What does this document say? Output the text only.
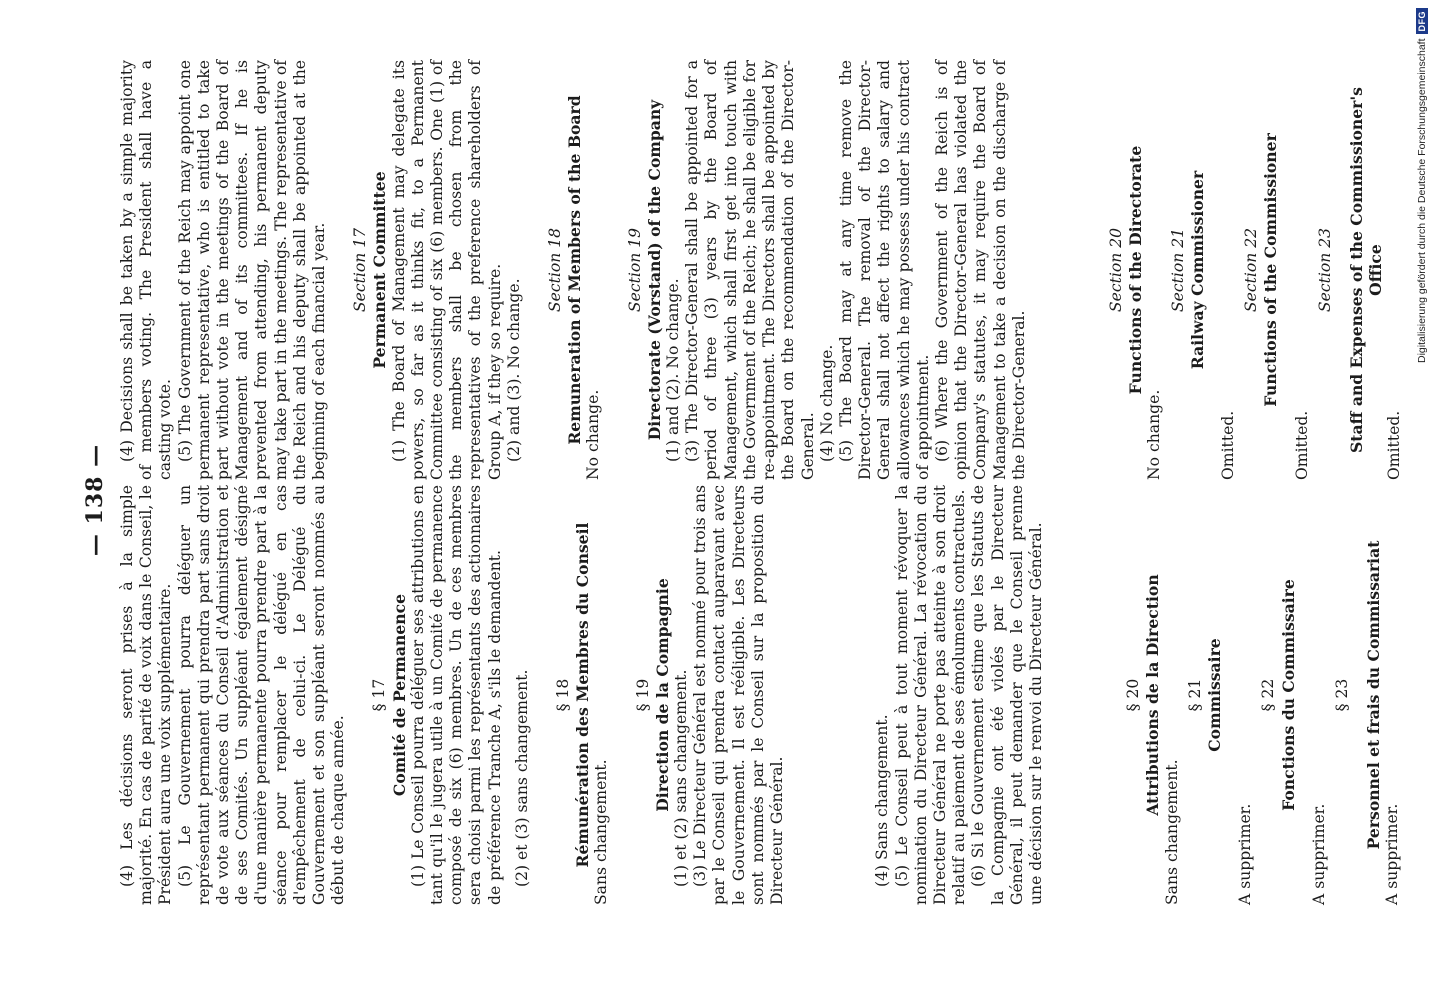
— 138 — (4) Les décisions seront prises à la simple majorité. En cas de parité de voix dans le Conseil, le Président aura une voix supplémentaire. (5) Le Gouvernement pourra déléguer un représentant permanent qui prendra part sans droit de vote aux séances du Conseil d'Administration et de ses Comités. Un suppléant également désigné d'une manière permanente pourra prendre part à la séance pour remplacer le délégué en cas d'empêchement de celui-ci. Le Délégué du Gouvernement et son suppléant seront nommés au début de chaque année.

§ 17 Comité de Permanence (1) Le Conseil pourra déléguer ses attributions en tant qu'il le jugera utile à un Comité de permanence composé de six (6) membres. Un de ces membres sera choisi parmi les représentants des actionnaires de préférence Tranche A, s'ils le demandent. (2) et (3) sans changement. § 18 Rémunération des Membres du Conseil Sans changement.

§ 19 Direction de la Compagnie (1) et (2) sans changement. (3) Le Directeur Général est nommé pour trois ans par le Conseil qui prendra contact auparavant avec le Gouvernement. Il est rééligible. Les Directeurs sont nommés par le Conseil sur la proposition du Directeur Général.	(4) Sans changement. (5) Le Conseil peut à tout moment révoquer la nomination du Directeur Général. La révocation du Directeur Général ne porte pas atteinte à son droit relatif au paiement de ses émoluments contractuels. (6) Si le Gouvernement estime que les Statuts de la Compagnie ont été violés par le Directeur Général, il peut demander que le Conseil prenne une décision sur le renvoi du Directeur Général.	§ 20 Attributions de la Direction

Sans changement.

§ 21 Commissaire

A supprimer.

§ 22 Fonctions du Commissaire

A supprimer.

§ 23 Personnel et frais du Commissariat

A supprimer.

(4) Decisions shall be taken by a simple majority of members voting. The President shall have a casting vote. (5) The Government of the Reich may appoint one permanent representative, who is entitled to take part without vote in the meetings of the Board of Management and of its committees. If he is prevented from attending, his permanent deputy may take part in the meetings. The representative of the Reich and his deputy shall be appointed at the beginning of each financial year. Section 17 Permanent Committee (1) The Board of Management may delegate its powers, so far as it thinks fit, to a Permanent Committee consisting of six (6) members. One (1) of the members shall be chosen from the representatives of the preference shareholders of Group A, if they so require. (2) and (3). No change.

Section 18 Remuneration of Members of the Board No change.

Section 19 Directorate (Vorstand) of the Company (1) and (2). No change. (3) The Director-General shall be appointed for a period of three (3) years by the Board of Management, which shall first get into touch with the Government of the Reich; he shall be eligible for re-appointment. The Directors shall be appointed by the Board on the recommendation of the Director-General. (4) No change. (5) The Board may at any time remove the Director-General. The removal of the Director-General shall not affect the rights to salary and allowances which he may possess under his contract of appointment. (6) Where the Government of the Reich is of opinion that the Director-General has violated the Company's statutes, it may require the Board of Management to take a decision on the discharge of the Director-General.

Section 20 Functions of the Directorate

No change.

Section 21 Railway Commissioner

Omitted.

Section 22 Functions of the Commissioner

Omitted.

Section 23 Staff and Expenses of the Commissioner's Office

Omitted.

Digitalisierung gefördert durch die Deutsche Forschungsgemeinschaft
DFG
